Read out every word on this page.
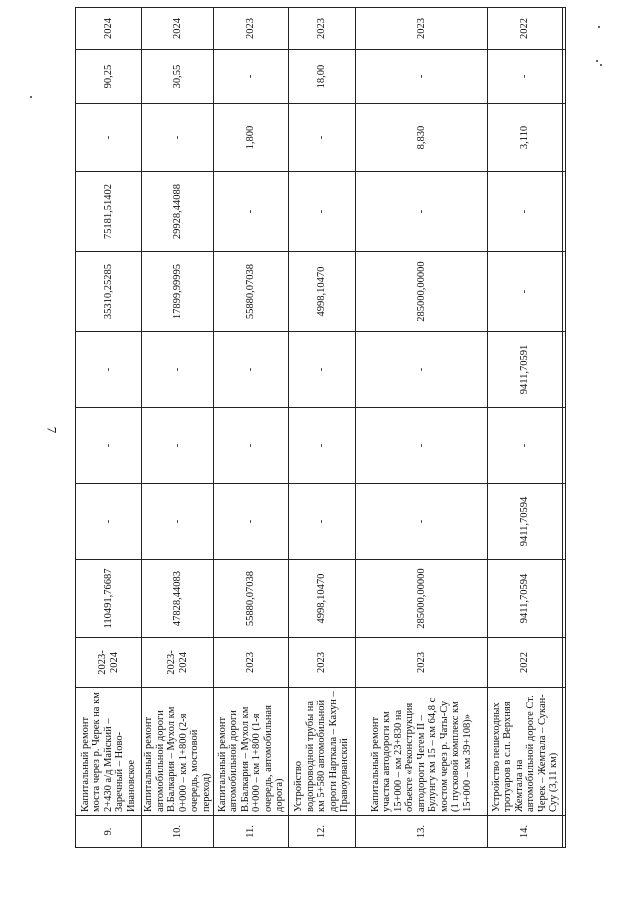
7
9.	Капитальный ремонт моста через р. Черек на км 2+430 а/д Майский – Заречный – Ново-Ивановское	2023-2024	110491,76687	-	-	-	35310,25285	75181,51402	-	90,25	2024
10.	Капитальный ремонт автомобильной дороги В.Балкария – Мухол км 0+000 – км 1+800 (2-я очередь, мостовой переход)	2023-2024	47828,44083	-	-	-	17899,99995	29928,44088	-	30,55	2024
11.	Капитальный ремонт автомобильной дороги В.Балкария – Мухол км 0+000 – км 1+800 (1-я очередь, автомобильная дорога)	2023	55880,07038	-	-	-	55880,07038	-	1,800	-	2023
12.	Устройство водопроводной трубы на км 5+580 автомобильной дороги Нарткала – Кахун – Правоурванский	2023	4998,10470	-	-	-	4998,10470	-	-	18,00	2023
13.	Капитальный ремонт участка автодороги км 15+000 – км 23+830 на объекте «Реконструкция автодороги Чегем II – Булунгу км 15 – км 64,8 с мостом через р. Чаты-Су (1 пусковой комплекс км 15+000 – км 39+108)»	2023	285000,00000	-	-	-	285000,00000	-	8,830	-	2023
14.	Устройство пешеходных тротуаров в с.п. Верхняя Жемтала на автомобильной дороге Ст. Черек – Жемтала – Сукан-Суу (3,11 км)	2022	9411,70594	9411,70594	-	9411,70591	-	-	3,110	-	2022
